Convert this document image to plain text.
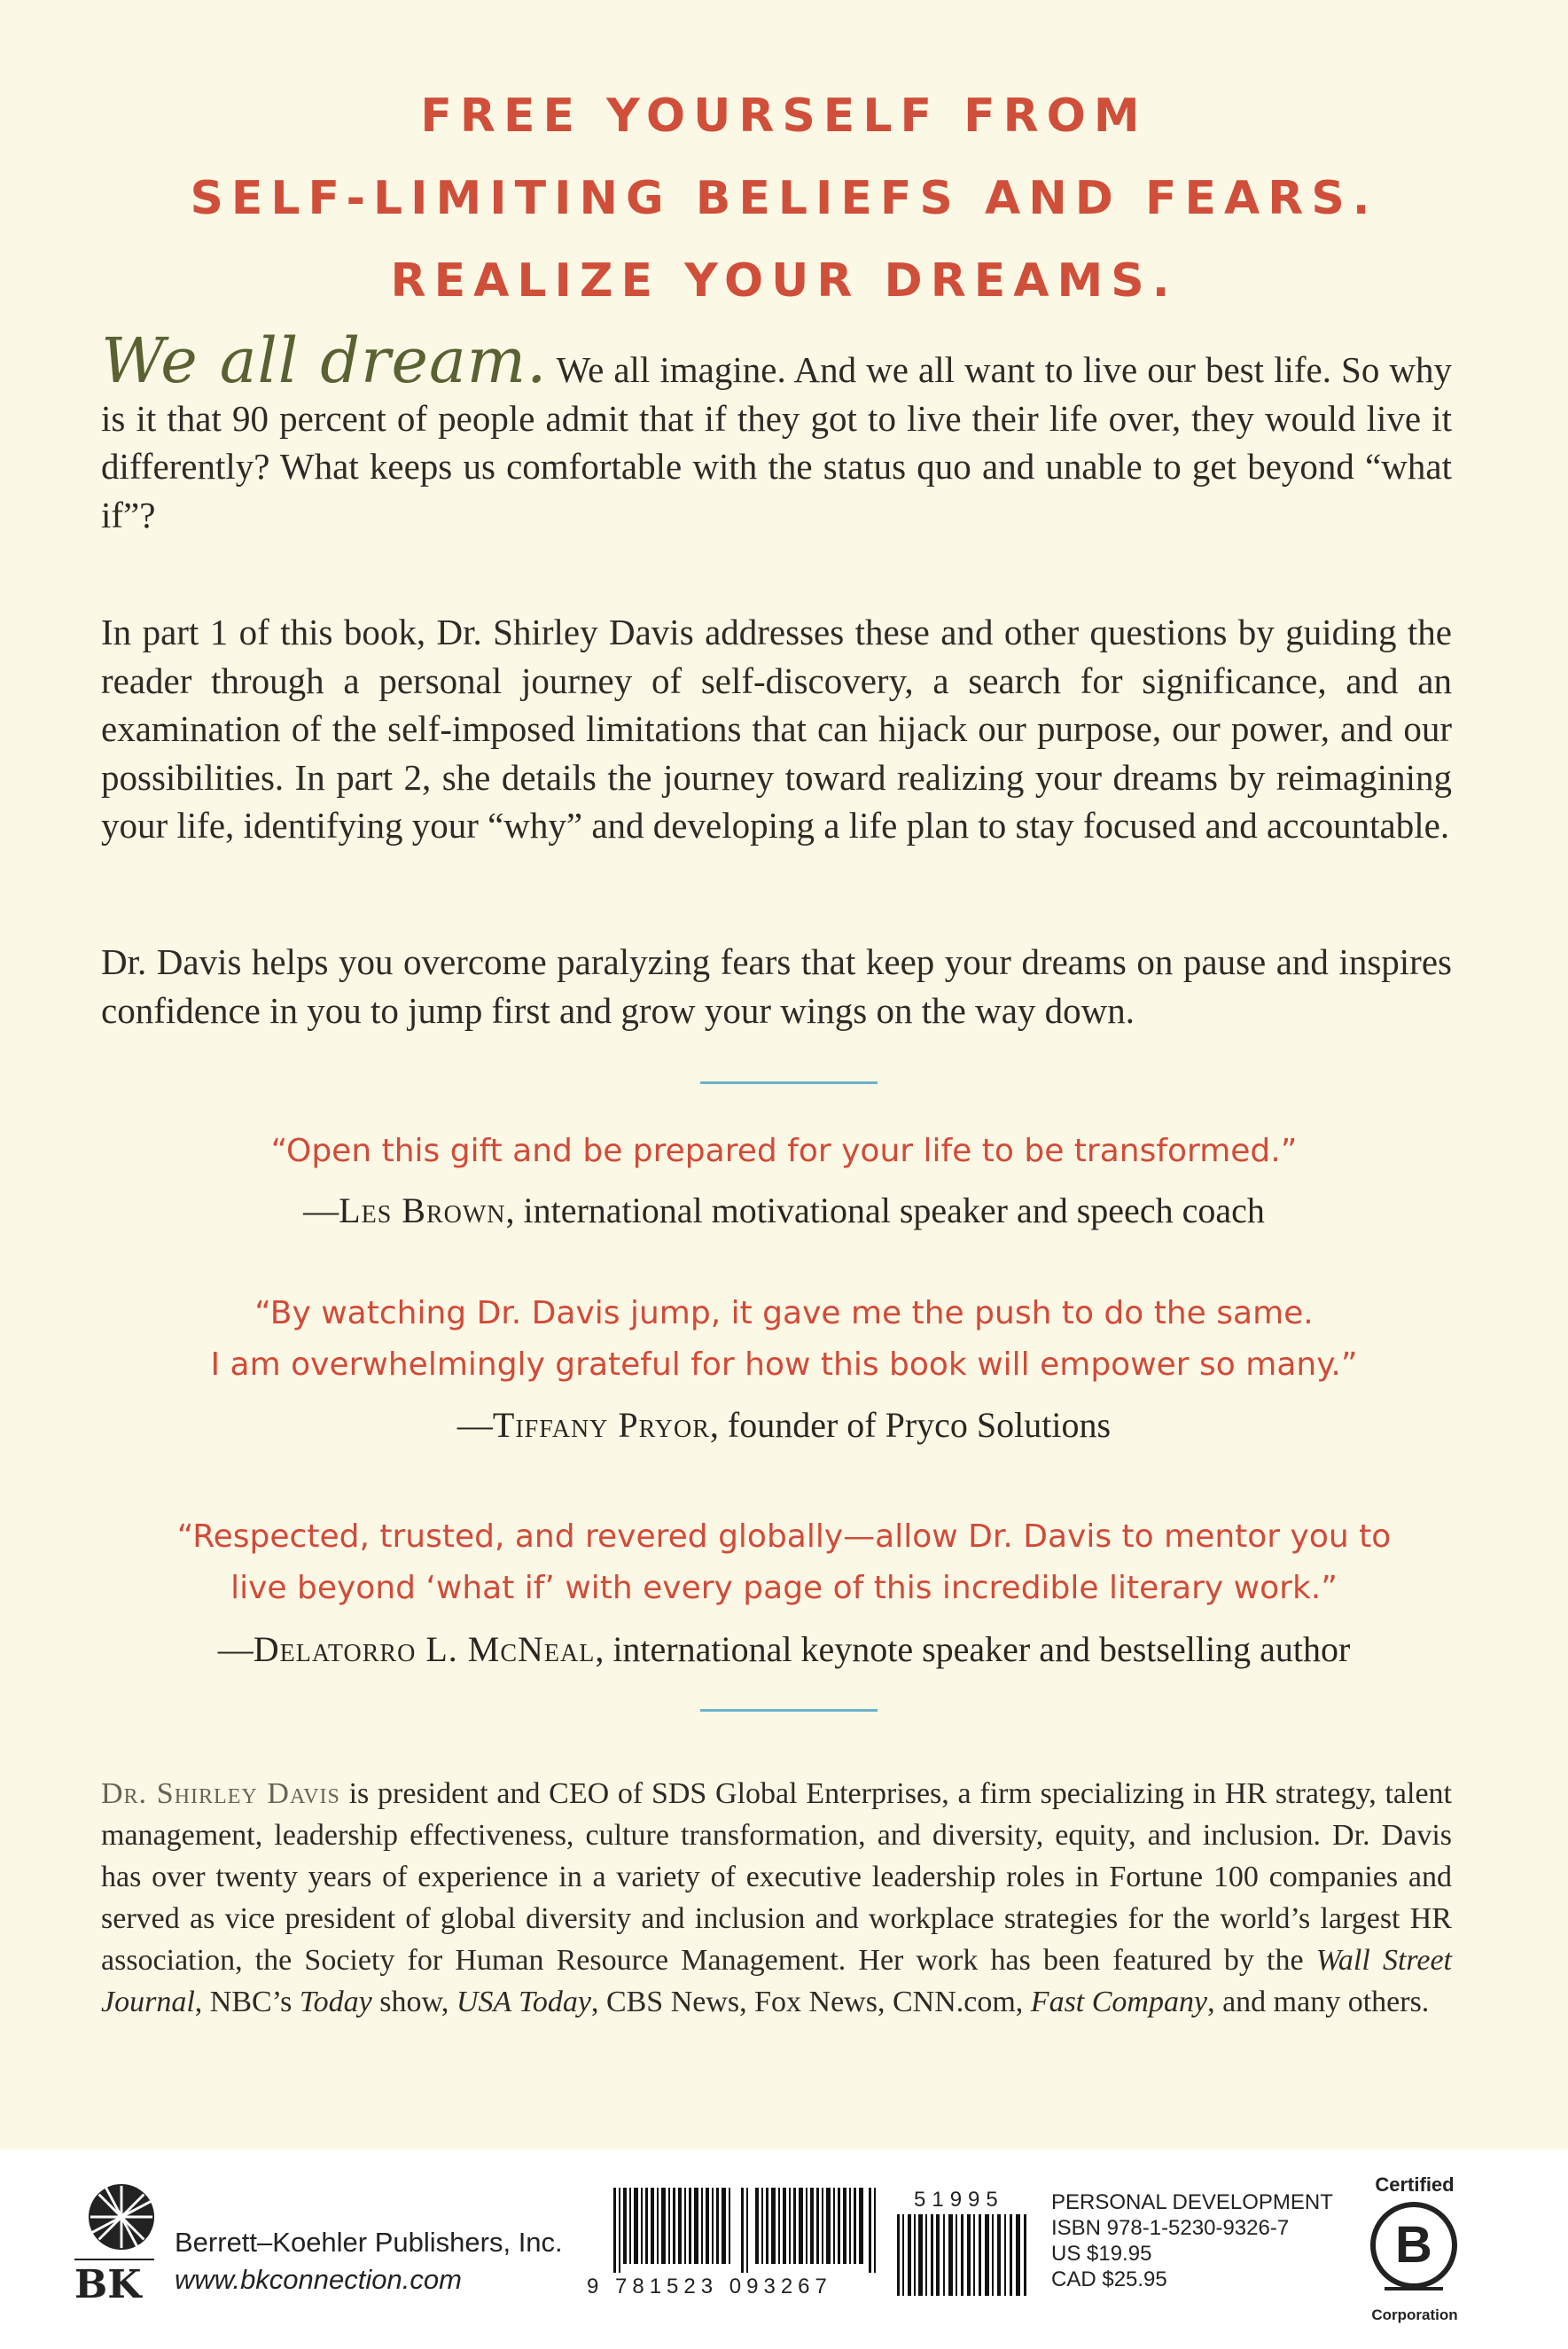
FREE YOURSELF FROM
SELF-LIMITING BELIEFS AND FEARS.
REALIZE YOUR DREAMS.

We all dream. We all imagine. And we all want to live our best life. So why is it that 90 percent of people admit that if they got to live their life over, they would live it differently? What keeps us comfortable with the status quo and unable to get beyond “what if”?

In part 1 of this book, Dr. Shirley Davis addresses these and other questions by guiding the reader through a personal journey of self-discovery, a search for significance, and an examination of the self-imposed limitations that can hijack our purpose, our power, and our possibilities. In part 2, she details the journey toward realizing your dreams by reimagining your life, identifying your “why” and developing a life plan to stay focused and accountable.

Dr. Davis helps you overcome paralyzing fears that keep your dreams on pause and inspires confidence in you to jump first and grow your wings on the way down.

“Open this gift and be prepared for your life to be transformed.”
—Les Brown, international motivational speaker and speech coach
“By watching Dr. Davis jump, it gave me the push to do the same.
I am overwhelmingly grateful for how this book will empower so many.”
—Tiffany Pryor, founder of Pryco Solutions
“Respected, trusted, and revered globally—allow Dr. Davis to mentor you to
live beyond ‘what if’ with every page of this incredible literary work.”
—Delatorro L. McNeal, international keynote speaker and bestselling author

Dr. Shirley Davis is president and CEO of SDS Global Enterprises, a firm specializing in HR strategy, talent management, leadership effectiveness, culture transformation, and diversity, equity, and inclusion. Dr. Davis has over twenty years of experience in a variety of executive leadership roles in Fortune 100 companies and served as vice president of global diversity and inclusion and workplace strategies for the world’s largest HR association, the Society for Human Resource Management. Her work has been featured by the Wall Street Journal, NBC’s Today show, USA Today, CBS News, Fox News, CNN.com, Fast Company, and many others.

BK
Berrett–Koehler Publishers, Inc.
www.bkconnection.com	9 781523 093267
51995 PERSONAL DEVELOPMENT
ISBN 978-1-5230-9326-7
US $19.95
CAD $25.95
Certified
B
Corporation
